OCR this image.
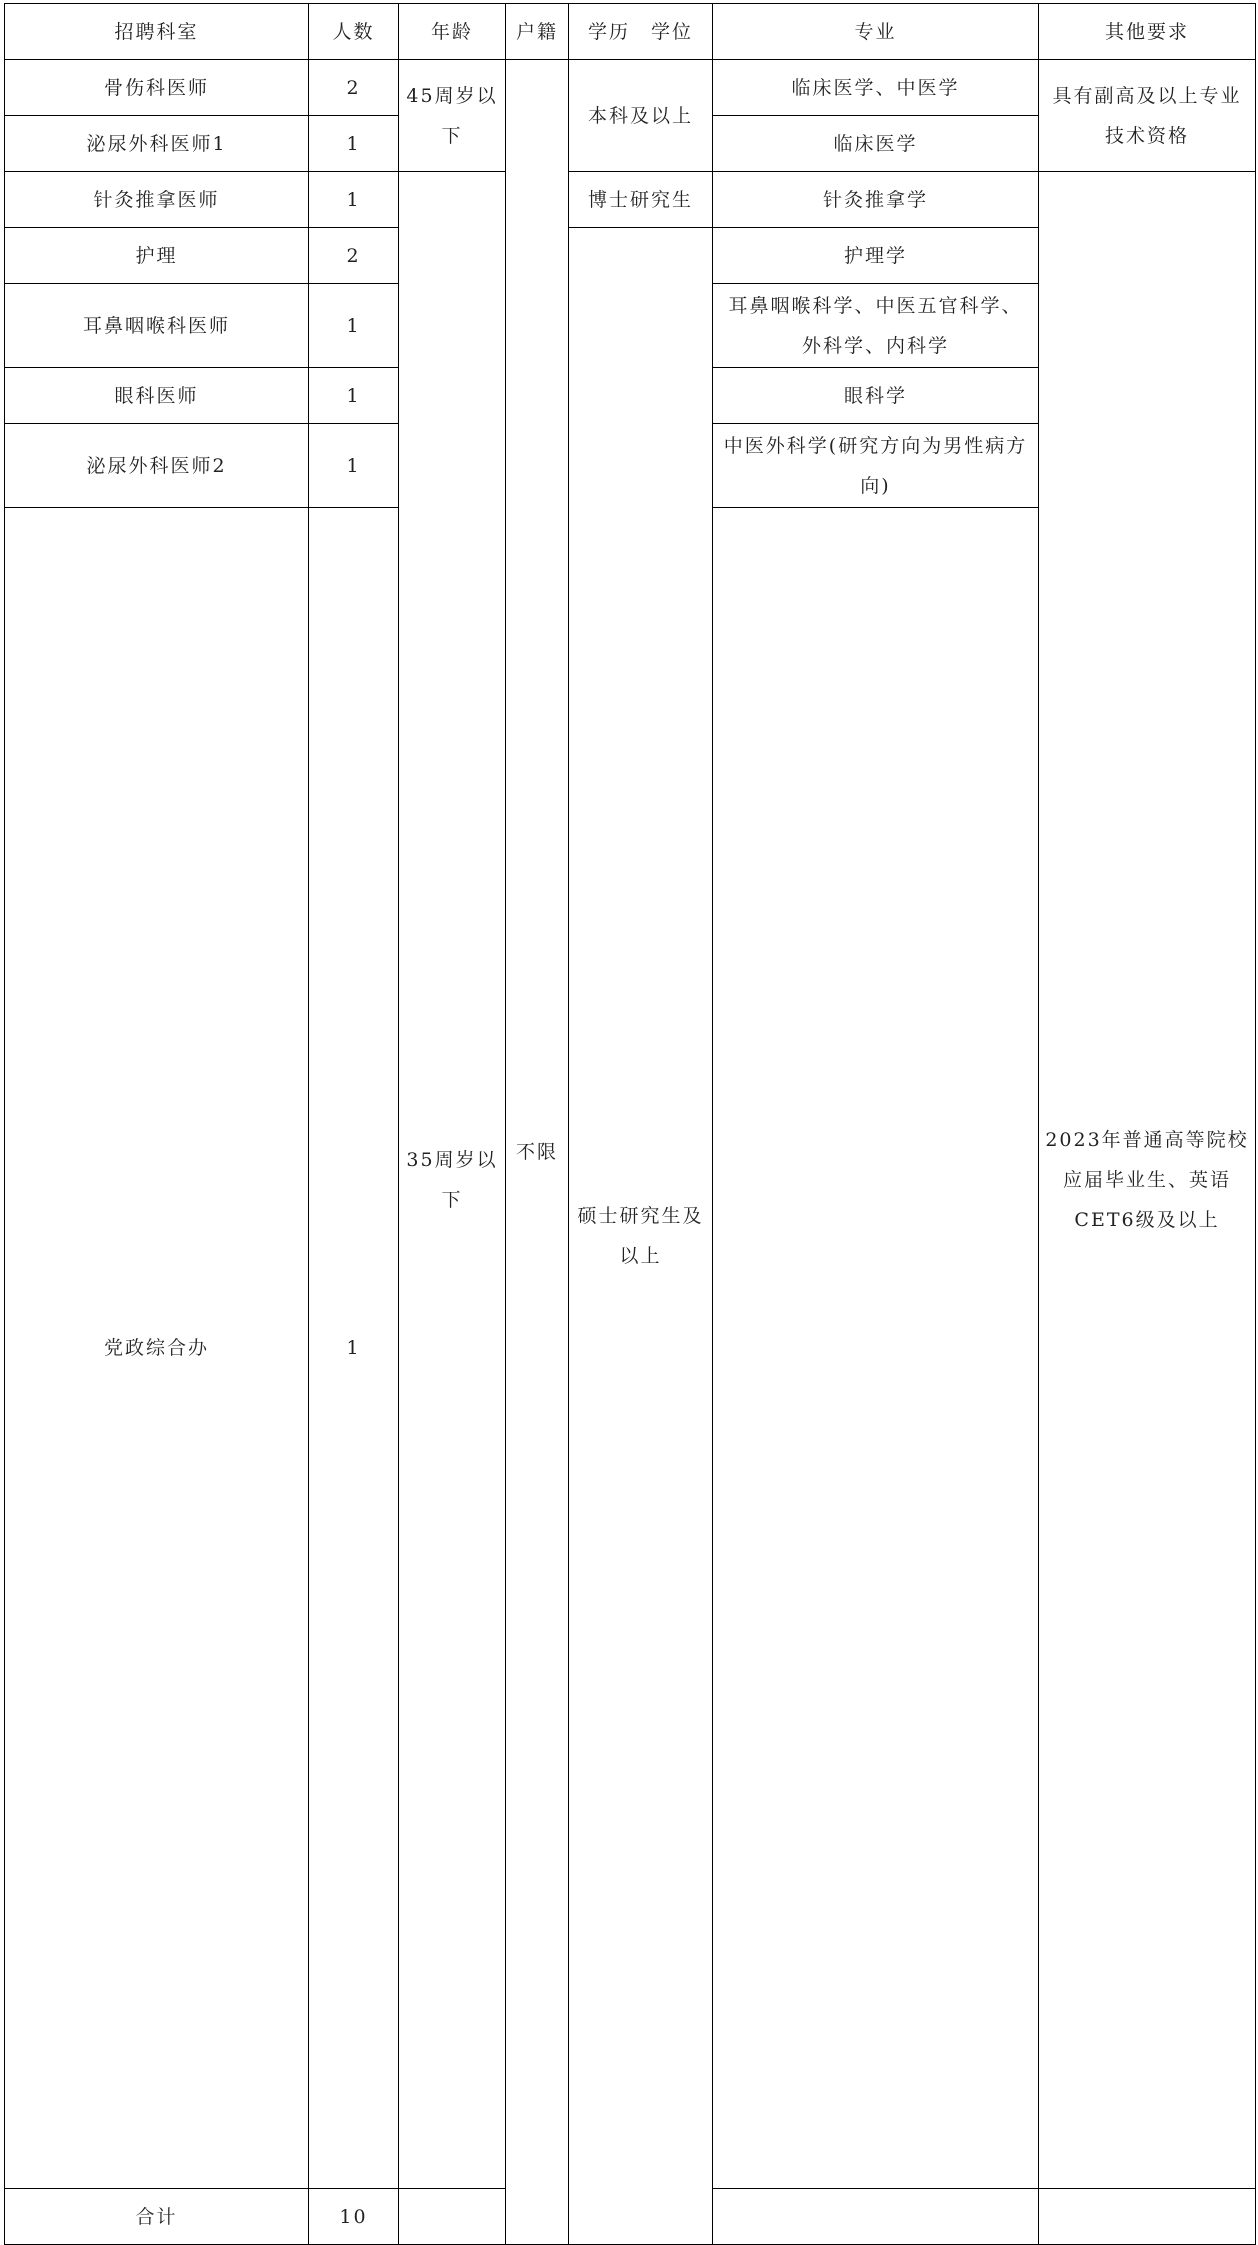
招聘科室	人数	年龄	户籍	学历　学位	专业	其他要求	
骨伤科医师	2	45周岁以下	不限	本科及以上	临床医学、中医学	具有副高及以上专业技术资格	
泌尿外科医师1	1				临床医学		
针灸推拿医师	1	35周岁以下		博士研究生	针灸推拿学	2023年普通高等院校应届毕业生、英语CET6级及以上	
护理	2			硕士研究生及以上	护理学		
耳鼻咽喉科医师	1				耳鼻咽喉科学、中医五官科学、外科学、内科学		
眼科医师	1				眼科学		
泌尿外科医师2	1				中医外科学(研究方向为男性病方向)		
党政综合办	1			
合计	10						
